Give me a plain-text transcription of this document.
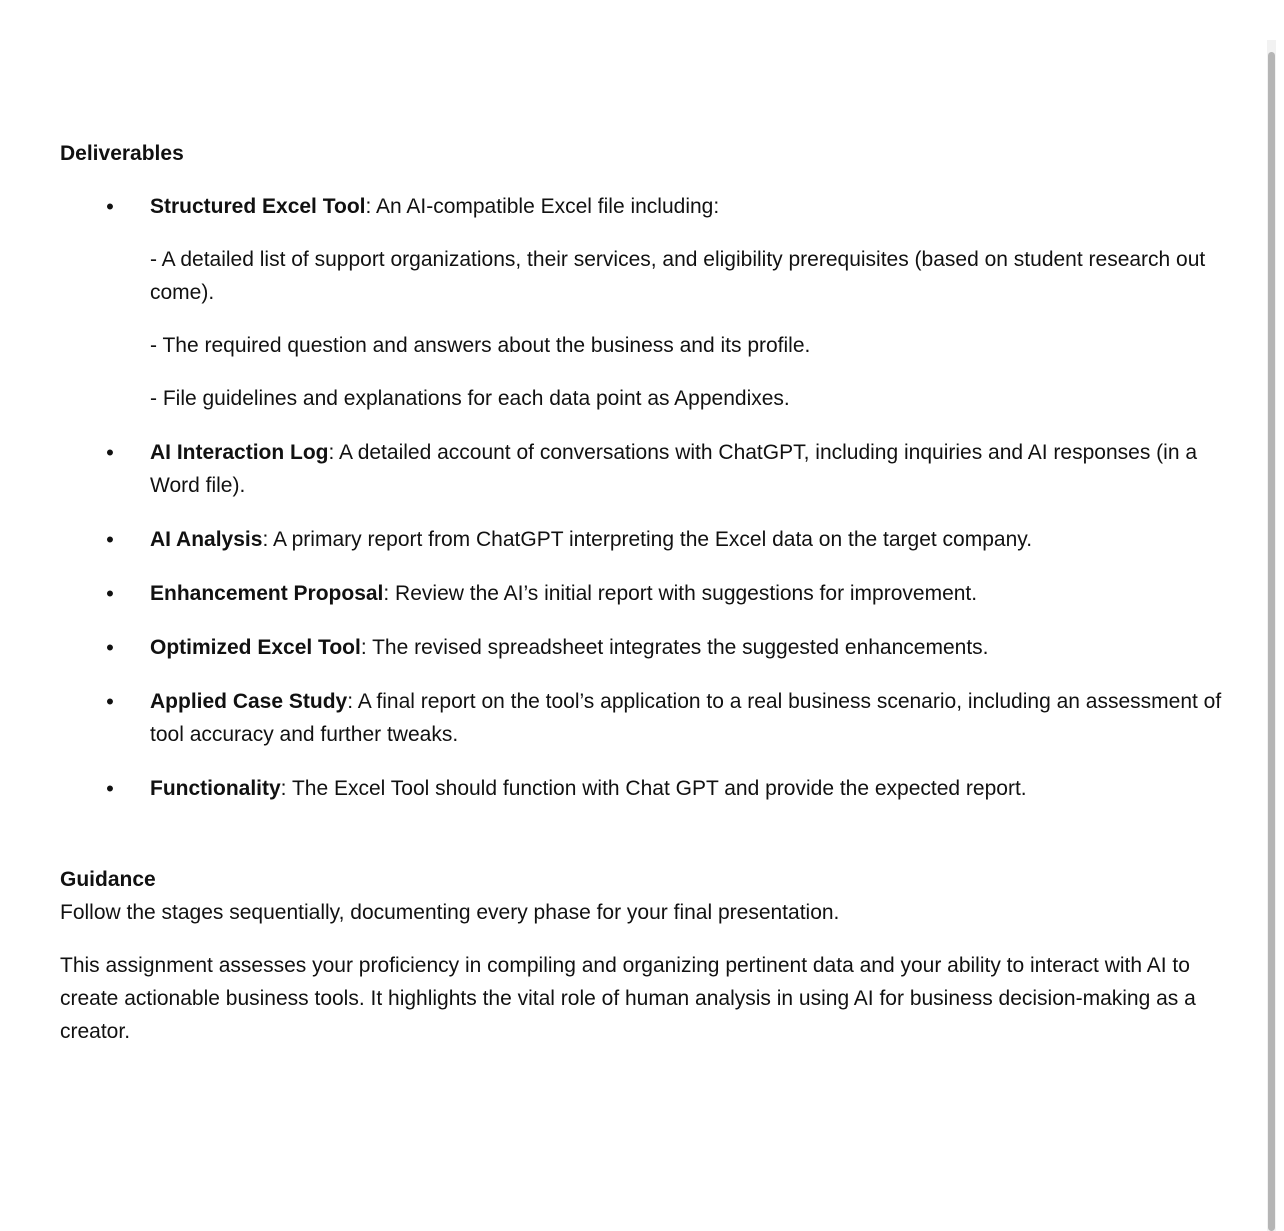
Deliverables

• Structured Excel Tool: An AI-compatible Excel file including:

- A detailed list of support organizations, their services, and eligibility prerequisites (based on student research out come).

- The required question and answers about the business and its profile.

- File guidelines and explanations for each data point as Appendixes.

• AI Interaction Log: A detailed account of conversations with ChatGPT, including inquiries and AI responses (in a Word file).
• AI Analysis: A primary report from ChatGPT interpreting the Excel data on the target company.
• Enhancement Proposal: Review the AI’s initial report with suggestions for improvement.
• Optimized Excel Tool: The revised spreadsheet integrates the suggested enhancements.
• Applied Case Study: A final report on the tool’s application to a real business scenario, including an assessment of tool accuracy and further tweaks.
• Functionality: The Excel Tool should function with Chat GPT and provide the expected report.

Guidance

Follow the stages sequentially, documenting every phase for your final presentation.

This assignment assesses your proficiency in compiling and organizing pertinent data and your ability to interact with AI to create actionable business tools. It highlights the vital role of human analysis in using AI for business decision-making as a creator.
